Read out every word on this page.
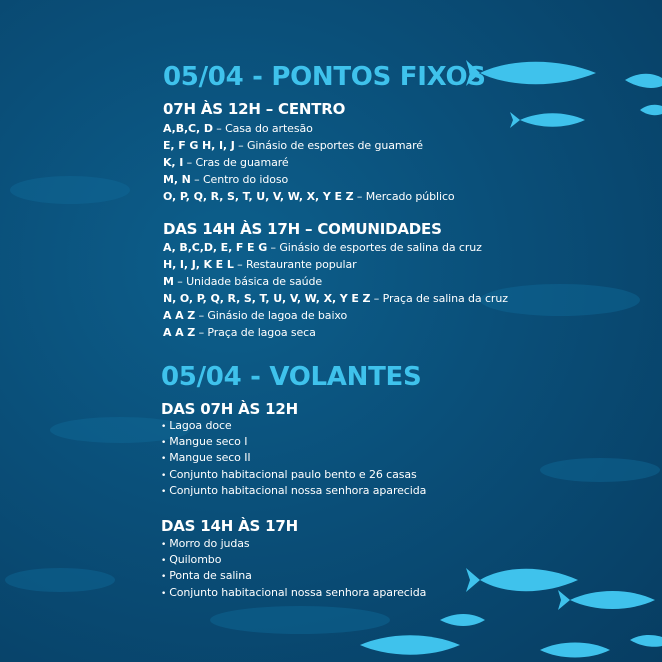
05/04 - PONTOS FIXOS
07H ÀS 12H – CENTRO
A,B,C, D – Casa do artesão
E, F G H, I, J – Ginásio de esportes de guamaré
K, I – Cras de guamaré
M, N – Centro do idoso
O, P, Q, R, S, T, U, V, W, X, Y E Z – Mercado público
DAS 14H ÀS 17H – COMUNIDADES
A, B,C,D, E, F E G – Ginásio de esportes de salina da cruz
H, I, J, K E L – Restaurante popular
M – Unidade básica de saúde
N, O, P, Q, R, S, T, U, V, W, X, Y E Z – Praça de salina da cruz
A A Z – Ginásio de lagoa de baixo
A A Z – Praça de lagoa seca
05/04 - VOLANTES
DAS 07H ÀS 12H
• Lagoa doce
• Mangue seco I
• Mangue seco II
• Conjunto habitacional paulo bento e 26 casas
• Conjunto habitacional nossa senhora aparecida
DAS 14H ÀS 17H
• Morro do judas
• Quilombo
• Ponta de salina
• Conjunto habitacional nossa senhora aparecida
